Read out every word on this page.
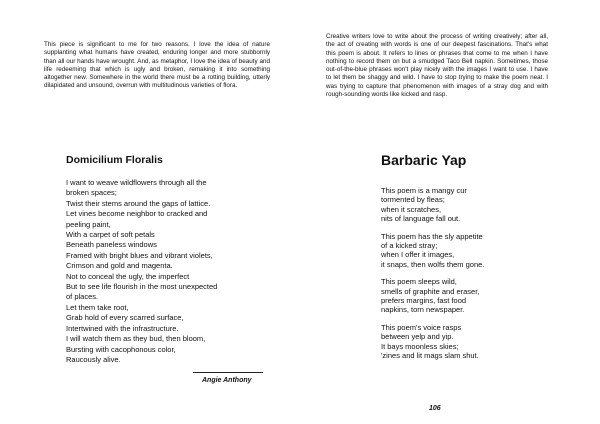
This piece is significant to me for two reasons. I love the idea of nature supplanting what humans have created, enduring longer and more stubbornly than all our hands have wrought. And, as metaphor, I love the idea of beauty and life redeeming that which is ugly and broken, remaking it into something altogether new. Somewhere in the world there must be a rotting building, utterly dilapidated and unsound, overrun with multitudinous varieties of flora.

Domicilium Floralis
I want to weave wildflowers through all the
broken spaces;
Twist their stems around the gaps of lattice.
Let vines become neighbor to cracked and
peeling paint,
With a carpet of soft petals
Beneath paneless windows
Framed with bright blues and vibrant violets,
Crimson and gold and magenta.
Not to conceal the ugly, the imperfect
But to see life flourish in the most unexpected
of places.
Let them take root,
Grab hold of every scarred surface,
Intertwined with the infrastructure.
I will watch them as they bud, then bloom,
Bursting with cacophonous color,
Raucously alive.

Angie Anthony

Creative writers love to write about the process of writing creatively; after all, the act of creating with words is one of our deepest fascinations. That's what this poem is about. It refers to lines or phrases that come to me when I have nothing to record them on but a smudged Taco Bell napkin. Sometimes, those out-of-the-blue phrases won't play nicely with the images I want to use. I have to let them be shaggy and wild. I have to stop trying to make the poem neat. I was trying to capture that phenomenon with images of a stray dog and with rough-sounding words like kicked and rasp.

Barbaric Yap
This poem is a mangy cur
tormented by fleas;
when it scratches,
nits of language fall out.
This poem has the sly appetite
of a kicked stray;
when I offer it images,
it snaps, then wolfs them gone.
This poem sleeps wild,
smells of graphite and eraser,
prefers margins, fast food
napkins, torn newspaper.
This poem's voice rasps
between yelp and yip.
It bays moonless skies;
'zines and lit mags slam shut.

106
